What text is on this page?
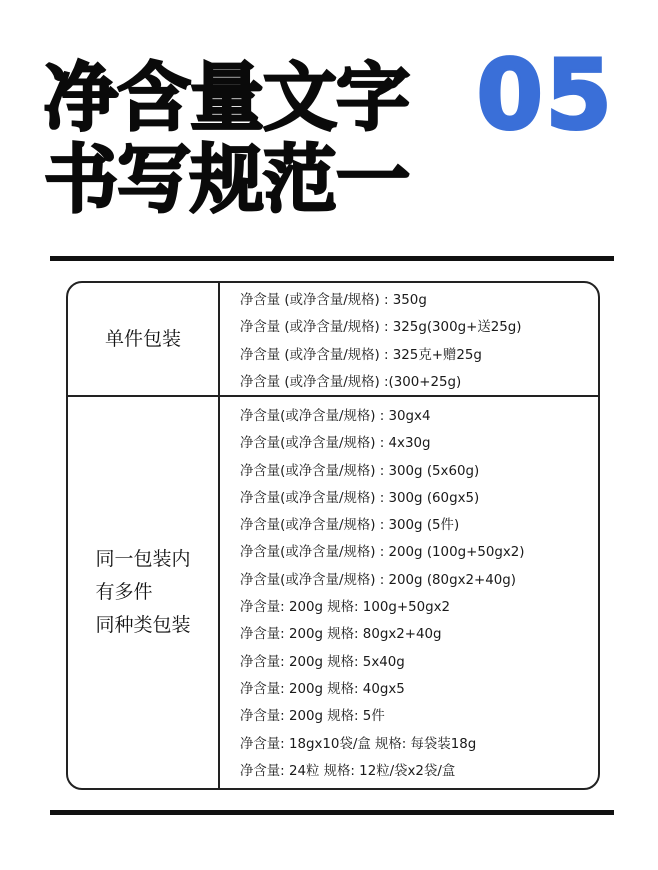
净含量文字
书写规范一
05
单件包装
净含量 (或净含量/规格) : 350g
净含量 (或净含量/规格) : 325g(300g+送25g)
净含量 (或净含量/规格) : 325克+赠25g
净含量 (或净含量/规格) :(300+25g)
同一包装内
有多件
同种类包装
净含量(或净含量/规格) : 30gx4
净含量(或净含量/规格) : 4x30g
净含量(或净含量/规格) : 300g (5x60g)
净含量(或净含量/规格) : 300g (60gx5)
净含量(或净含量/规格) : 300g (5件)
净含量(或净含量/规格) : 200g (100g+50gx2)
净含量(或净含量/规格) : 200g (80gx2+40g)
净含量: 200g 规格: 100g+50gx2
净含量: 200g 规格: 80gx2+40g
净含量: 200g 规格: 5x40g
净含量: 200g 规格: 40gx5
净含量: 200g 规格: 5件
净含量: 18gx10袋/盒 规格: 每袋装18g
净含量: 24粒 规格: 12粒/袋x2袋/盒
